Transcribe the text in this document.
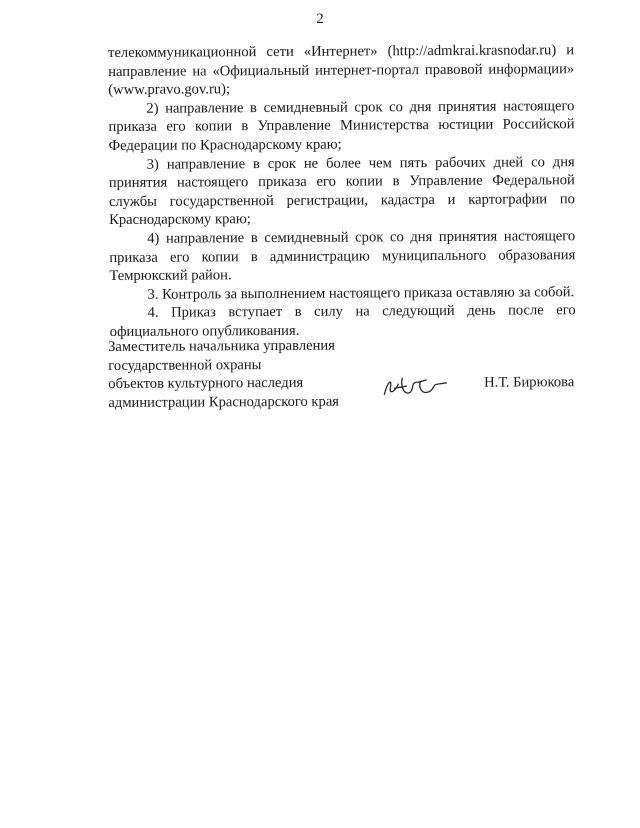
2

телекоммуникационной сети «Интернет» (http://admkrai.krasnodar.ru) и направление на «Официальный интернет-портал правовой информации» (www.pravo.gov.ru);

2) направление в семидневный срок со дня принятия настоящего приказа его копии в Управление Министерства юстиции Российской Федерации по Краснодарскому краю;

3) направление в срок не более чем пять рабочих дней со дня принятия настоящего приказа его копии в Управление Федеральной службы государственной регистрации, кадастра и картографии по Краснодарскому краю;

4) направление в семидневный срок со дня принятия настоящего приказа его копии в администрацию муниципального образования Темрюкский район.

3. Контроль за выполнением настоящего приказа оставляю за собой.

4. Приказ вступает в силу на следующий день после его официального опубликования.

Заместитель начальника управления
государственной охраны
объектов культурного наследия
администрации Краснодарского края
Н.Т. Бирюкова
